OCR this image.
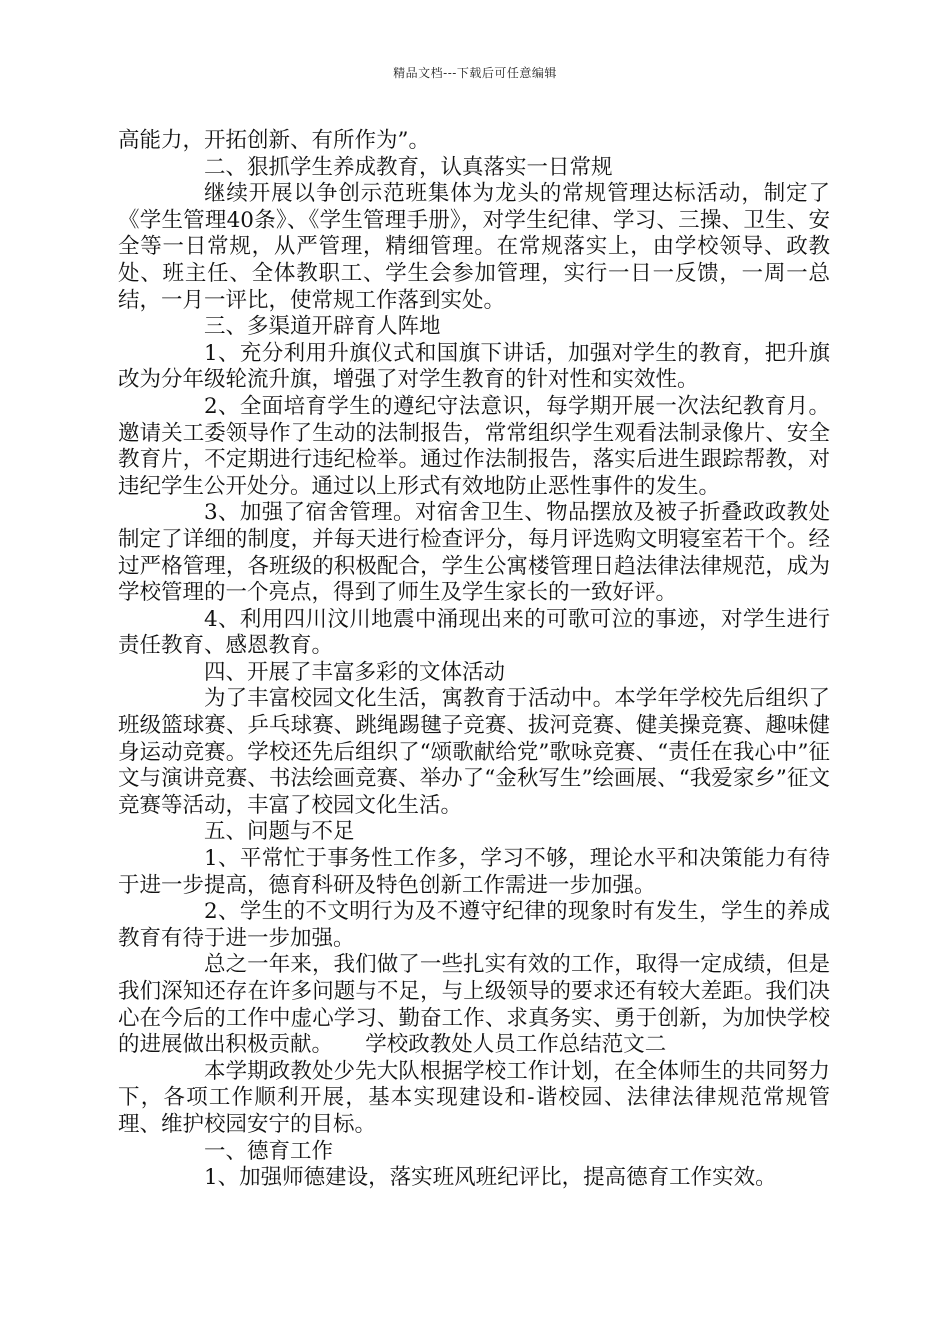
精品文档---下载后可任意编辑

高能力，开拓创新、有所作为”。

二、狠抓学生养成教育，认真落实一日常规

继续开展以争创示范班集体为龙头的常规管理达标活动，制定了《学生管理40条》、《学生管理手册》，对学生纪律、学习、三操、卫生、安全等一日常规，从严管理，精细管理。在常规落实上，由学校领导、政教处、班主任、全体教职工、学生会参加管理，实行一日一反馈，一周一总结，一月一评比，使常规工作落到实处。

三、多渠道开辟育人阵地

1、充分利用升旗仪式和国旗下讲话，加强对学生的教育，把升旗改为分年级轮流升旗，增强了对学生教育的针对性和实效性。

2、全面培育学生的遵纪守法意识，每学期开展一次法纪教育月。邀请关工委领导作了生动的法制报告，常常组织学生观看法制录像片、安全教育片，不定期进行违纪检举。通过作法制报告，落实后进生跟踪帮教，对违纪学生公开处分。通过以上形式有效地防止恶性事件的发生。

3、加强了宿舍管理。对宿舍卫生、物品摆放及被子折叠政政教处制定了详细的制度，并每天进行检查评分，每月评选购文明寝室若干个。经过严格管理，各班级的积极配合，学生公寓楼管理日趋法律法律规范，成为学校管理的一个亮点，得到了师生及学生家长的一致好评。

4、利用四川汶川地震中涌现出来的可歌可泣的事迹，对学生进行责任教育、感恩教育。

四、开展了丰富多彩的文体活动

为了丰富校园文化生活，寓教育于活动中。本学年学校先后组织了班级篮球赛、乒乓球赛、跳绳踢毽子竞赛、拔河竞赛、健美操竞赛、趣味健身运动竞赛。学校还先后组织了“颂歌献给党”歌咏竞赛、“责任在我心中”征文与演讲竞赛、书法绘画竞赛、举办了“金秋写生”绘画展、“我爱家乡”征文竞赛等活动，丰富了校园文化生活。

五、问题与不足

1、平常忙于事务性工作多，学习不够，理论水平和决策能力有待于进一步提高，德育科研及特色创新工作需进一步加强。

2、学生的不文明行为及不遵守纪律的现象时有发生，学生的养成教育有待于进一步加强。

总之一年来，我们做了一些扎实有效的工作，取得一定成绩，但是我们深知还存在许多问题与不足，与上级领导的要求还有较大差距。我们决心在今后的工作中虚心学习、勤奋工作、求真务实、勇于创新，为加快学校的进展做出积极贡献。　　学校政教处人员工作总结范文二

本学期政教处少先大队根据学校工作计划，在全体师生的共同努力下，各项工作顺利开展，基本实现建设和-谐校园、法律法律规范常规管理、维护校园安宁的目标。

一、德育工作

1、加强师德建设，落实班风班纪评比，提高德育工作实效。
